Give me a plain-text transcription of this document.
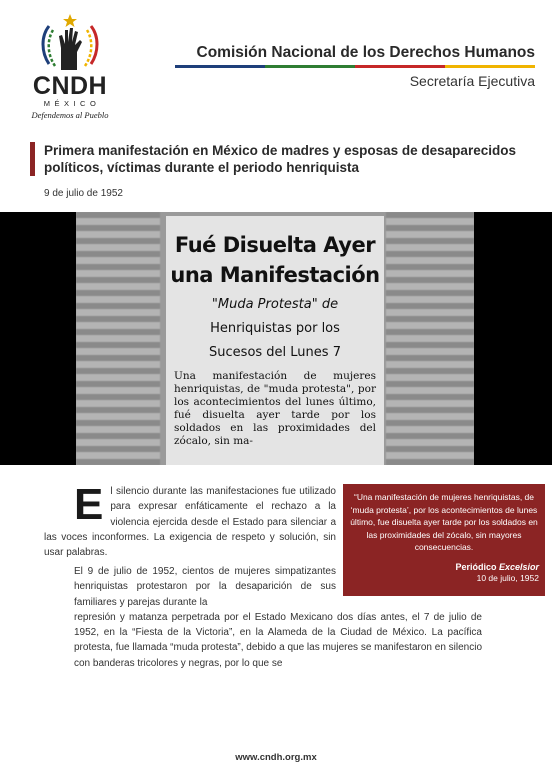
CNDH
MÉXICO
Defendemos al Pueblo
Comisión Nacional de los Derechos Humanos
Secretaría Ejecutiva
Primera manifestación en México de madres y esposas de desaparecidos políticos, víctimas durante el periodo henriquista
9 de julio de 1952
Fué Disuelta Ayer
una Manifestación
"Muda Protesta" de
Henriquistas por los
Sucesos del Lunes 7
Una manifestación de mujeres henriquistas, de "muda protesta", por los acontecimientos del lunes último, fué disuelta ayer tarde por los soldados en las proximidades del zócalo, sin ma-
El silencio durante las manifestaciones fue utilizado para expresar enfáticamente el rechazo a la violencia ejercida desde el Estado para silenciar a las voces inconformes. La exigencia de respeto y solución, sin usar palabras.
El 9 de julio de 1952, cientos de mujeres simpatizantes henriquistas protestaron por la desaparición de sus familiares y parejas durante la
represión y matanza perpetrada por el Estado Mexicano dos días antes, el 7 de julio de 1952, en la “Fiesta de la Victoria”, en la Alameda de la Ciudad de México. La pacífica protesta, fue llamada “muda protesta”, debido a que las mujeres se manifestaron en silencio con banderas tricolores y negras, por lo que se
“Una manifestación de mujeres henriquistas, de ‘muda protesta’, por los acontecimientos de lunes último, fue disuelta ayer tarde por los soldados en las proximidades del zócalo, sin mayores consecuencias.
Periódico Excelsior
10 de julio, 1952
www.cndh.org.mx
